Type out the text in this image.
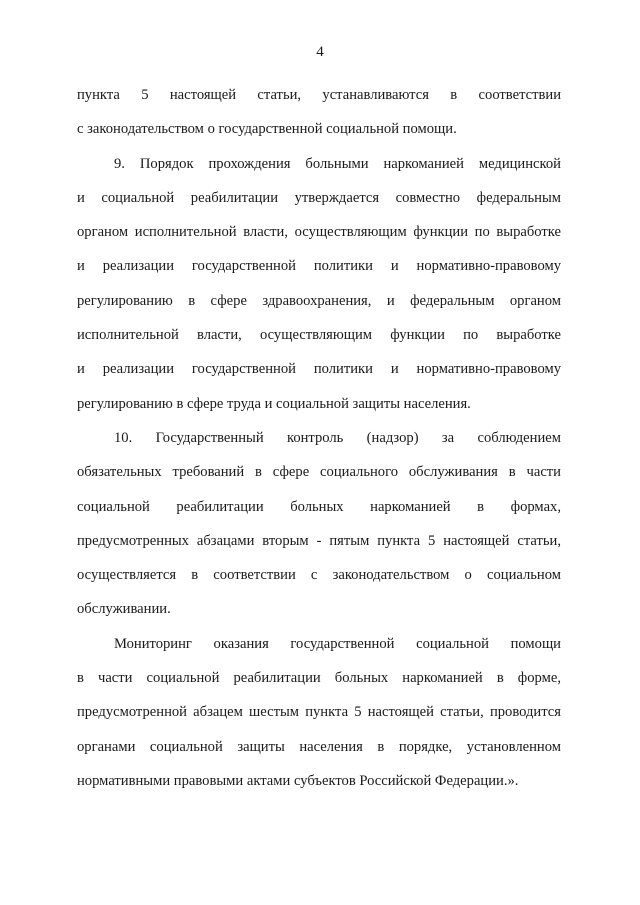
4

пункта 5 настоящей статьи, устанавливаются в соответствии
с законодательством о государственной социальной помощи.

9. Порядок прохождения больными наркоманией медицинской
и социальной реабилитации утверждается совместно федеральным
органом исполнительной власти, осуществляющим функции по выработке
и реализации государственной политики и нормативно-правовому
регулированию в сфере здравоохранения, и федеральным органом
исполнительной власти, осуществляющим функции по выработке
и реализации государственной политики и нормативно-правовому
регулированию в сфере труда и социальной защиты населения.

10. Государственный контроль (надзор) за соблюдением
обязательных требований в сфере социального обслуживания в части
социальной реабилитации больных наркоманией в формах,
предусмотренных абзацами вторым - пятым пункта 5 настоящей статьи,
осуществляется в соответствии с законодательством о социальном
обслуживании.

Мониторинг оказания государственной социальной помощи
в части социальной реабилитации больных наркоманией в форме,
предусмотренной абзацем шестым пункта 5 настоящей статьи, проводится
органами социальной защиты населения в порядке, установленном
нормативными правовыми актами субъектов Российской Федерации.».
